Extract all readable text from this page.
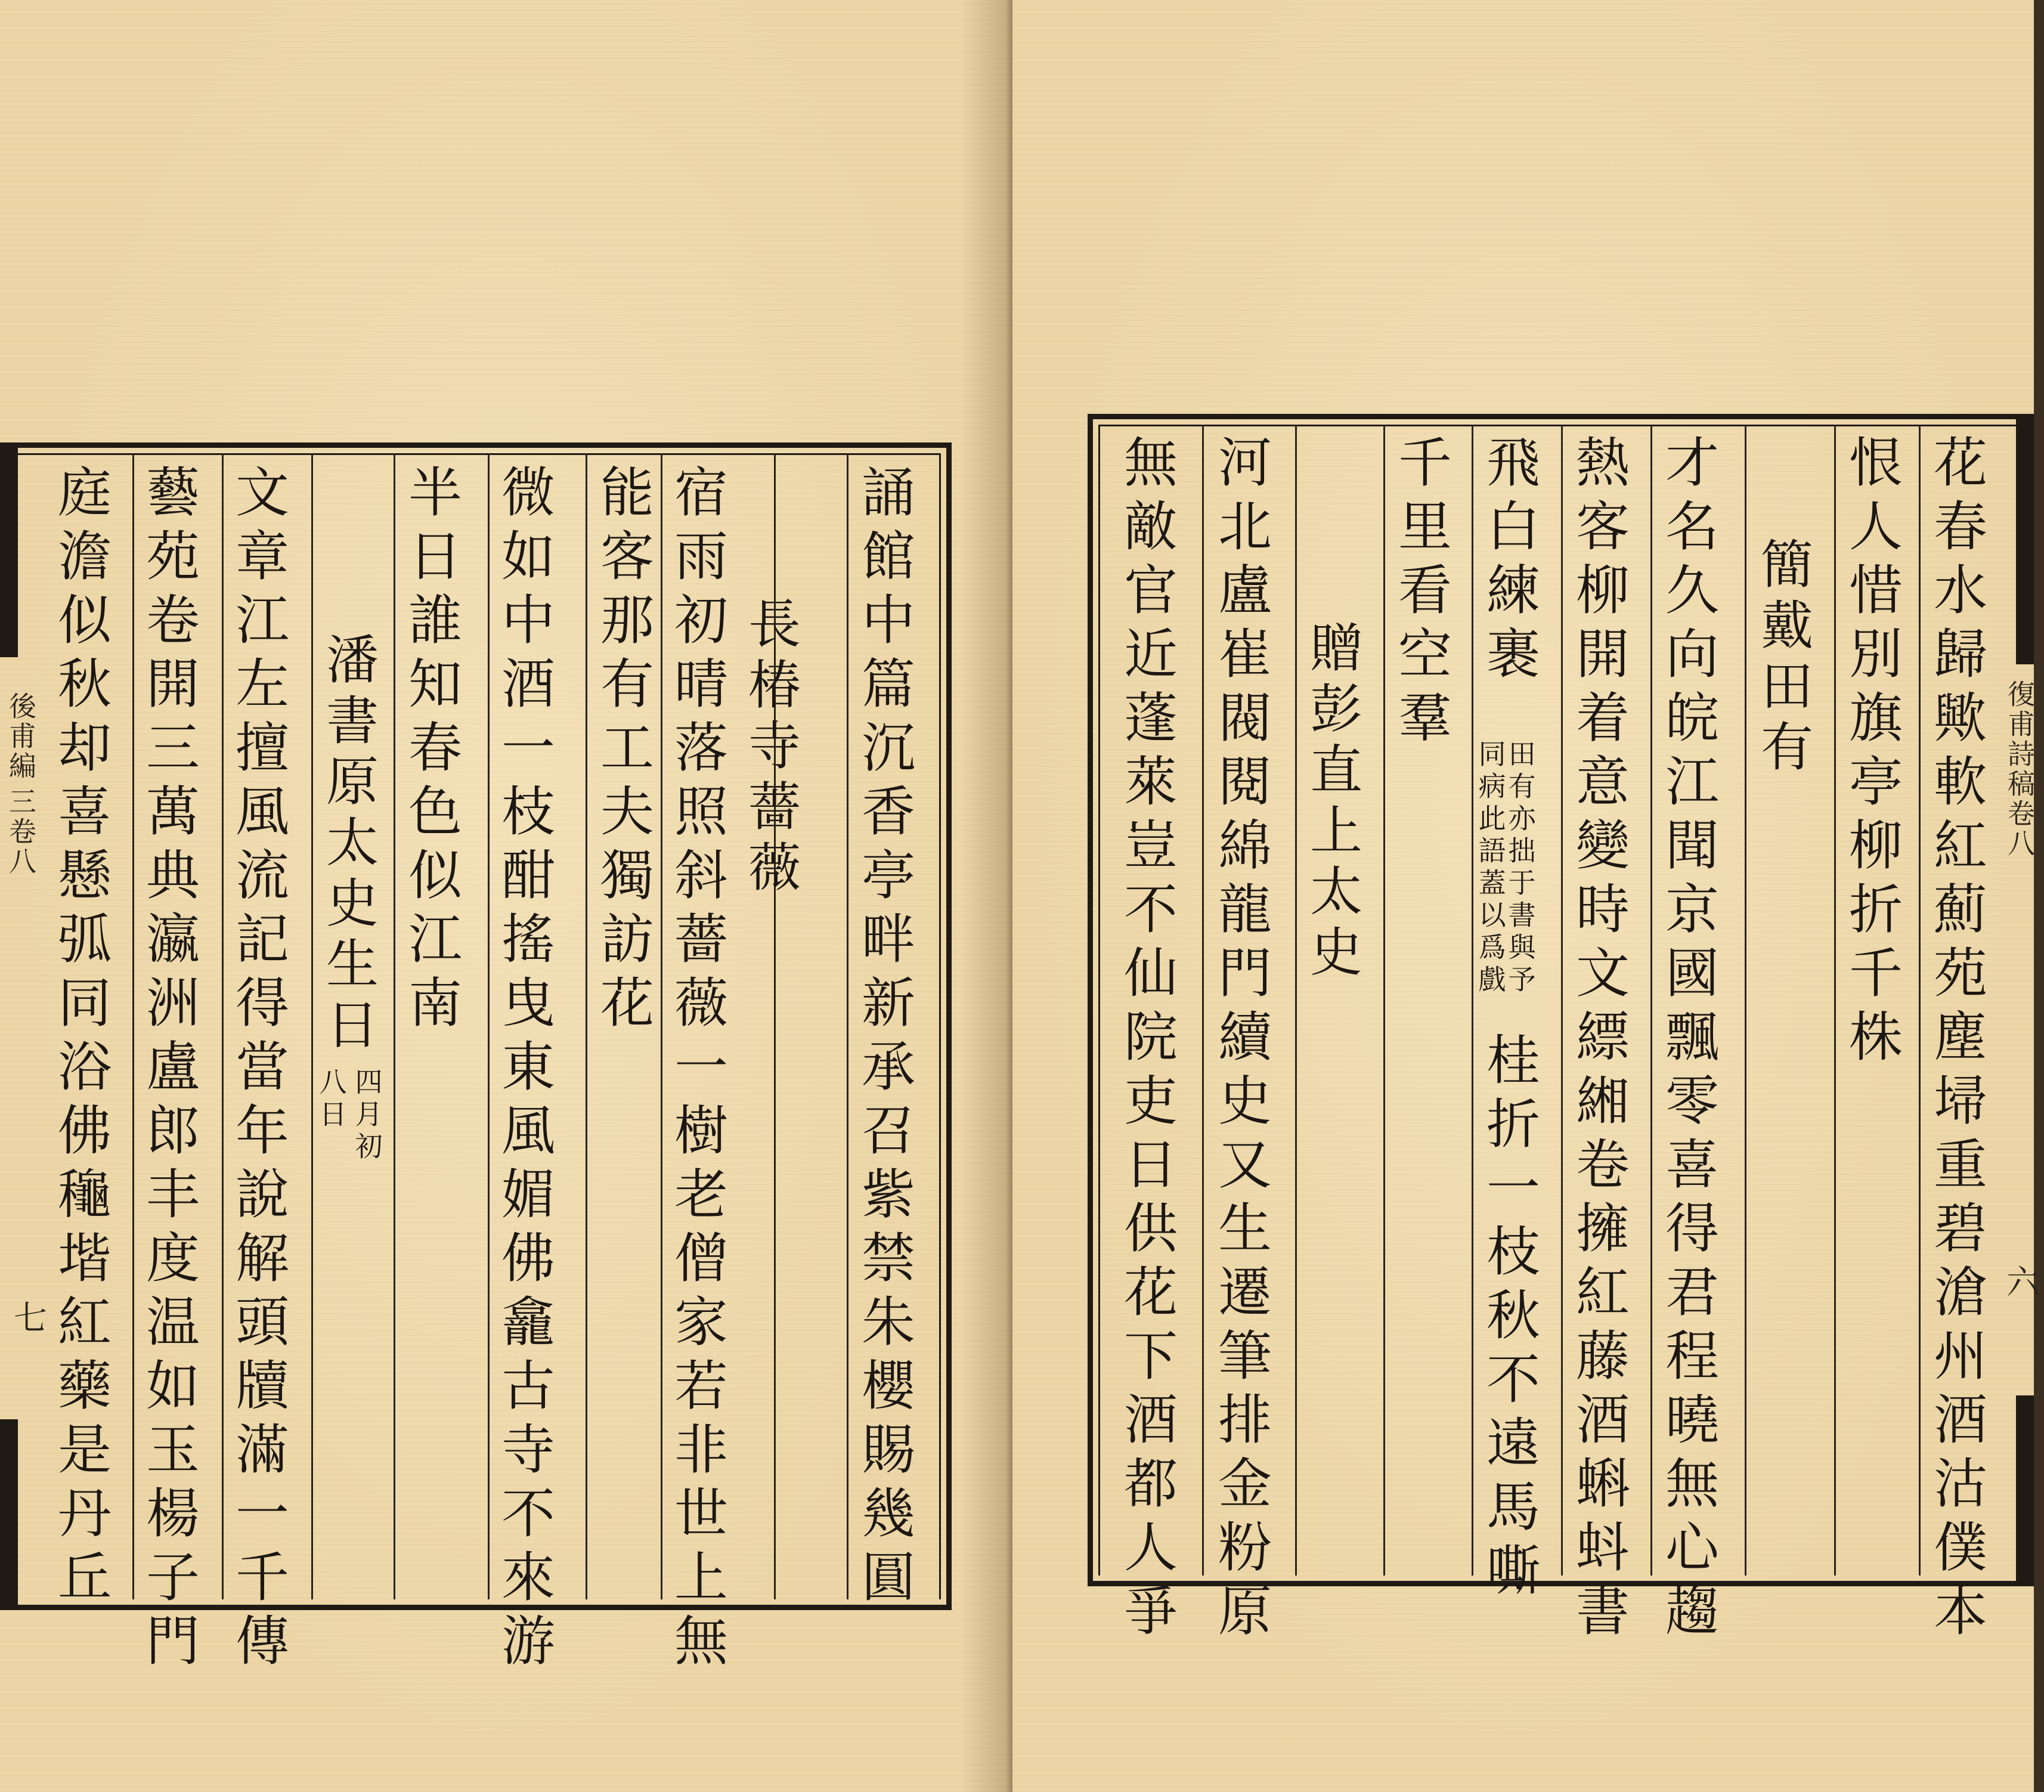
誦館中篇沉香亭畔新承召紫禁朱櫻賜幾圓
長椿寺薔薇
宿雨初晴落照斜薔薇一樹老僧家若非世上無
能客那有工夫獨訪花
微如中酒一枝酣搖曳東風媚佛龕古寺不來游
半日誰知春色似江南
潘書原太史生日
四月初
八日
文章江左擅風流記得當年說解頭牘滿一千傳
藝苑卷開三萬典瀛洲盧郎丰度温如玉楊子門
庭澹似秋却喜懸弧同浴佛龝堦紅藥是丹丘
後甫編
三卷八
七	花春水歸歟軟紅薊苑塵埽重碧滄州酒沽僕本
恨人惜別旗亭柳折千株
簡戴田有
才名久向皖江聞京國飄零喜得君程曉無心趨
熱客柳開着意變時文縹緗卷擁紅藤酒蝌蚪書
飛白練裹
田有亦拙于書與予
同病此語蓋以爲戲
桂折一枝秋不遠馬嘶
千里看空羣
贈彭直上太史
河北盧崔閥閱綿龍門續史又生遷筆排金粉原
無敵官近蓬萊豈不仙院吏日供花下酒都人爭	復甫詩稿
卷八
六
